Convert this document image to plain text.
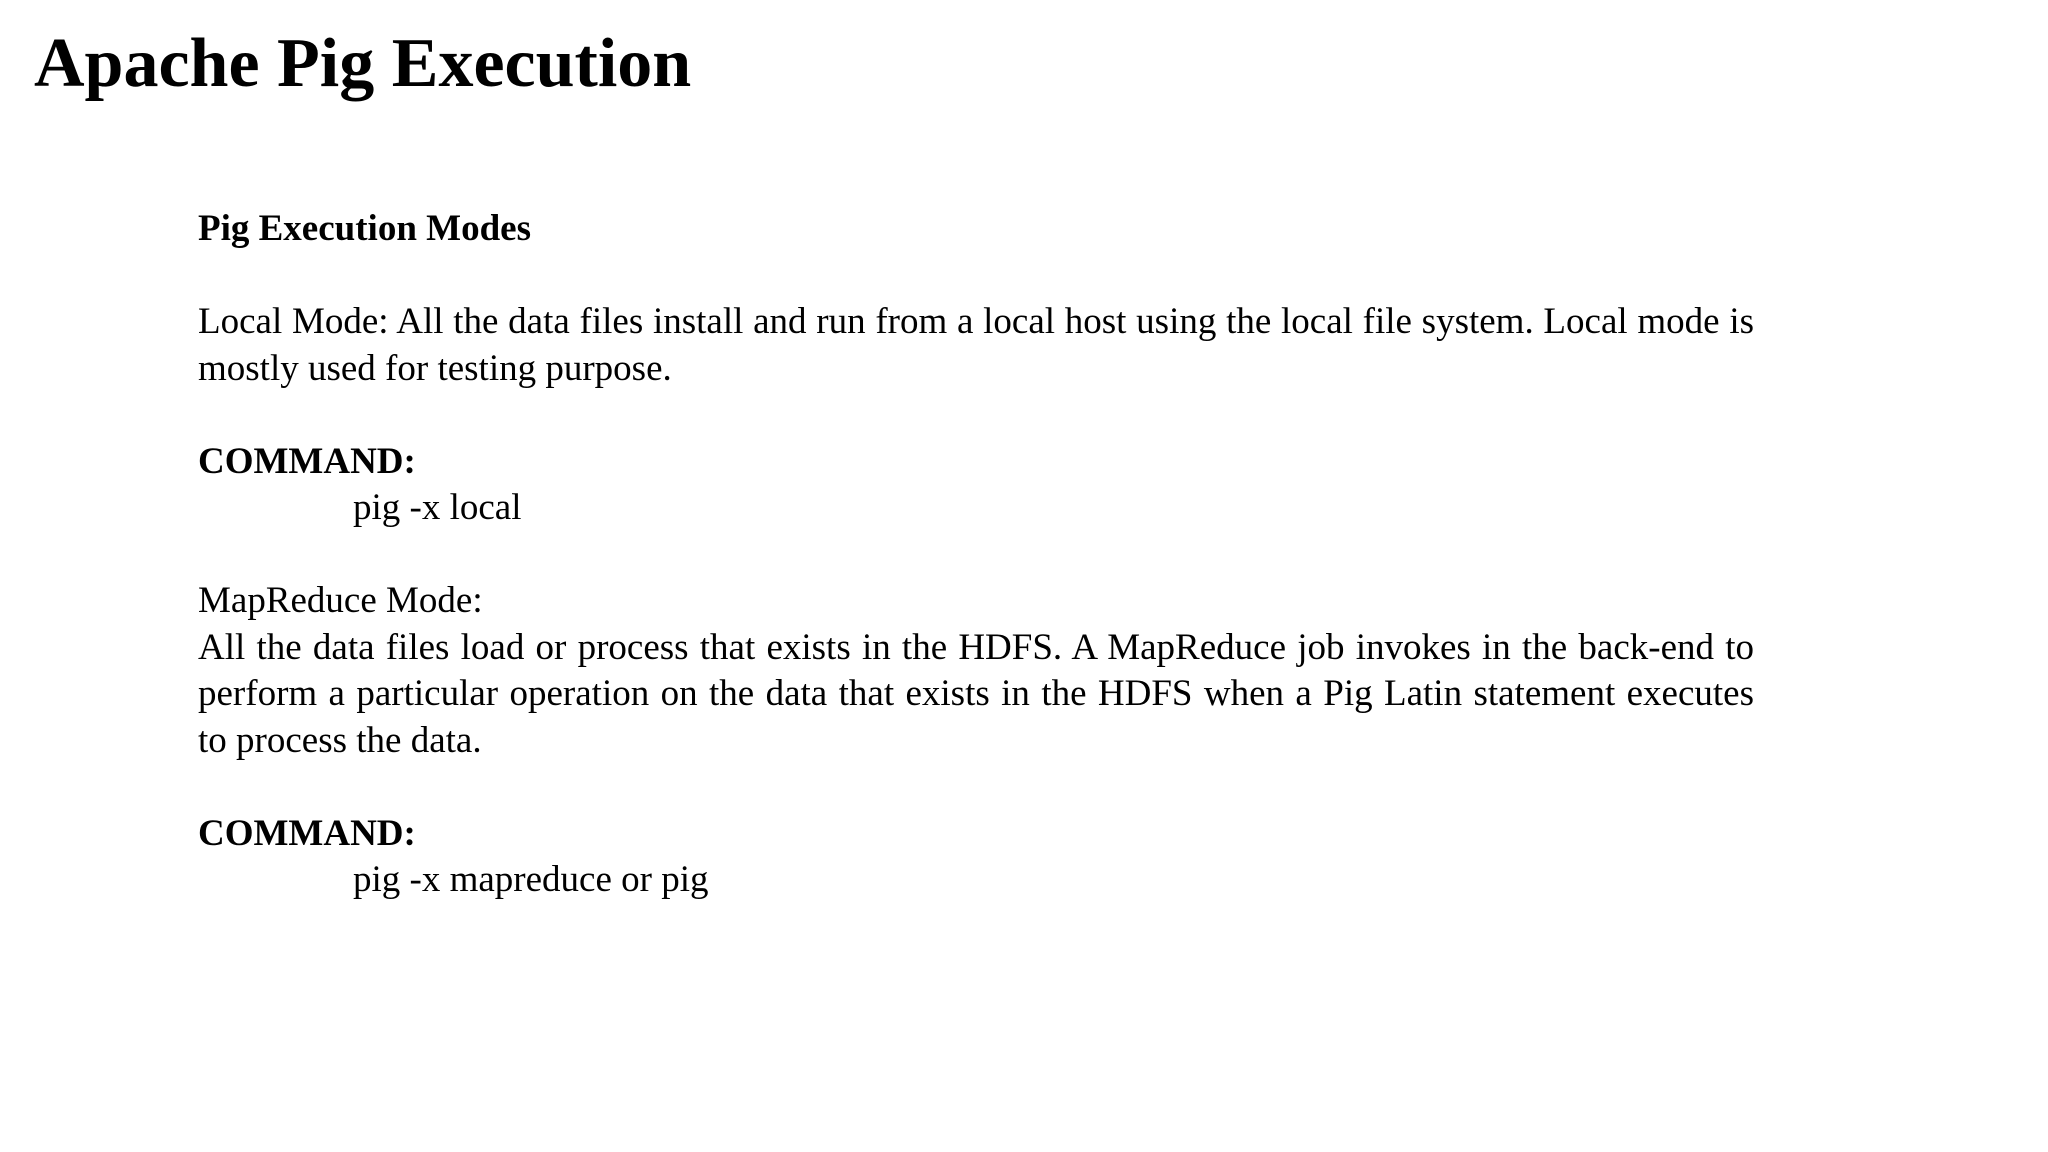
Apache Pig Execution

Pig Execution Modes

Local Mode: All the data files install and run from a local host using the local file system. Local mode is mostly used for testing purpose.

COMMAND:

pig -x local

MapReduce Mode:

All the data files load or process that exists in the HDFS. A MapReduce job invokes in the back-end to perform a particular operation on the data that exists in the HDFS when a Pig Latin statement executes to process the data.

COMMAND:

pig -x mapreduce or pig
